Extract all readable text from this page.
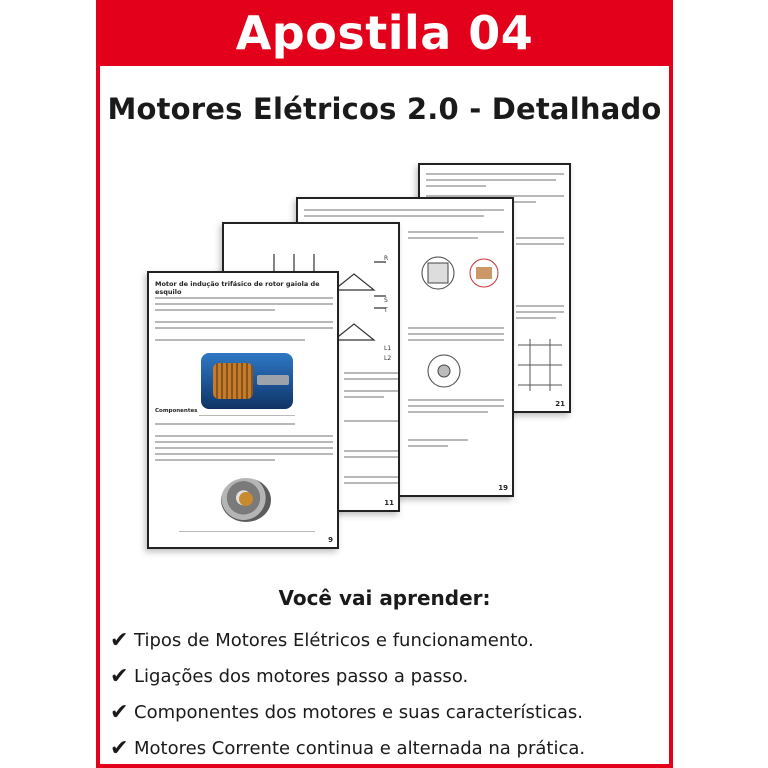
Apostila 04
Motores Elétricos 2.0 - Detalhado
21
19
R
S
T
L1
L2
11
Motor de indução trifásico de rotor gaiola de esquilo
Componentes
9
Você vai aprender:
✔ Tipos de Motores Elétricos e funcionamento.
✔ Ligações dos motores passo a passo.
✔ Componentes dos motores e suas características.
✔ Motores Corrente continua e alternada na prática.
